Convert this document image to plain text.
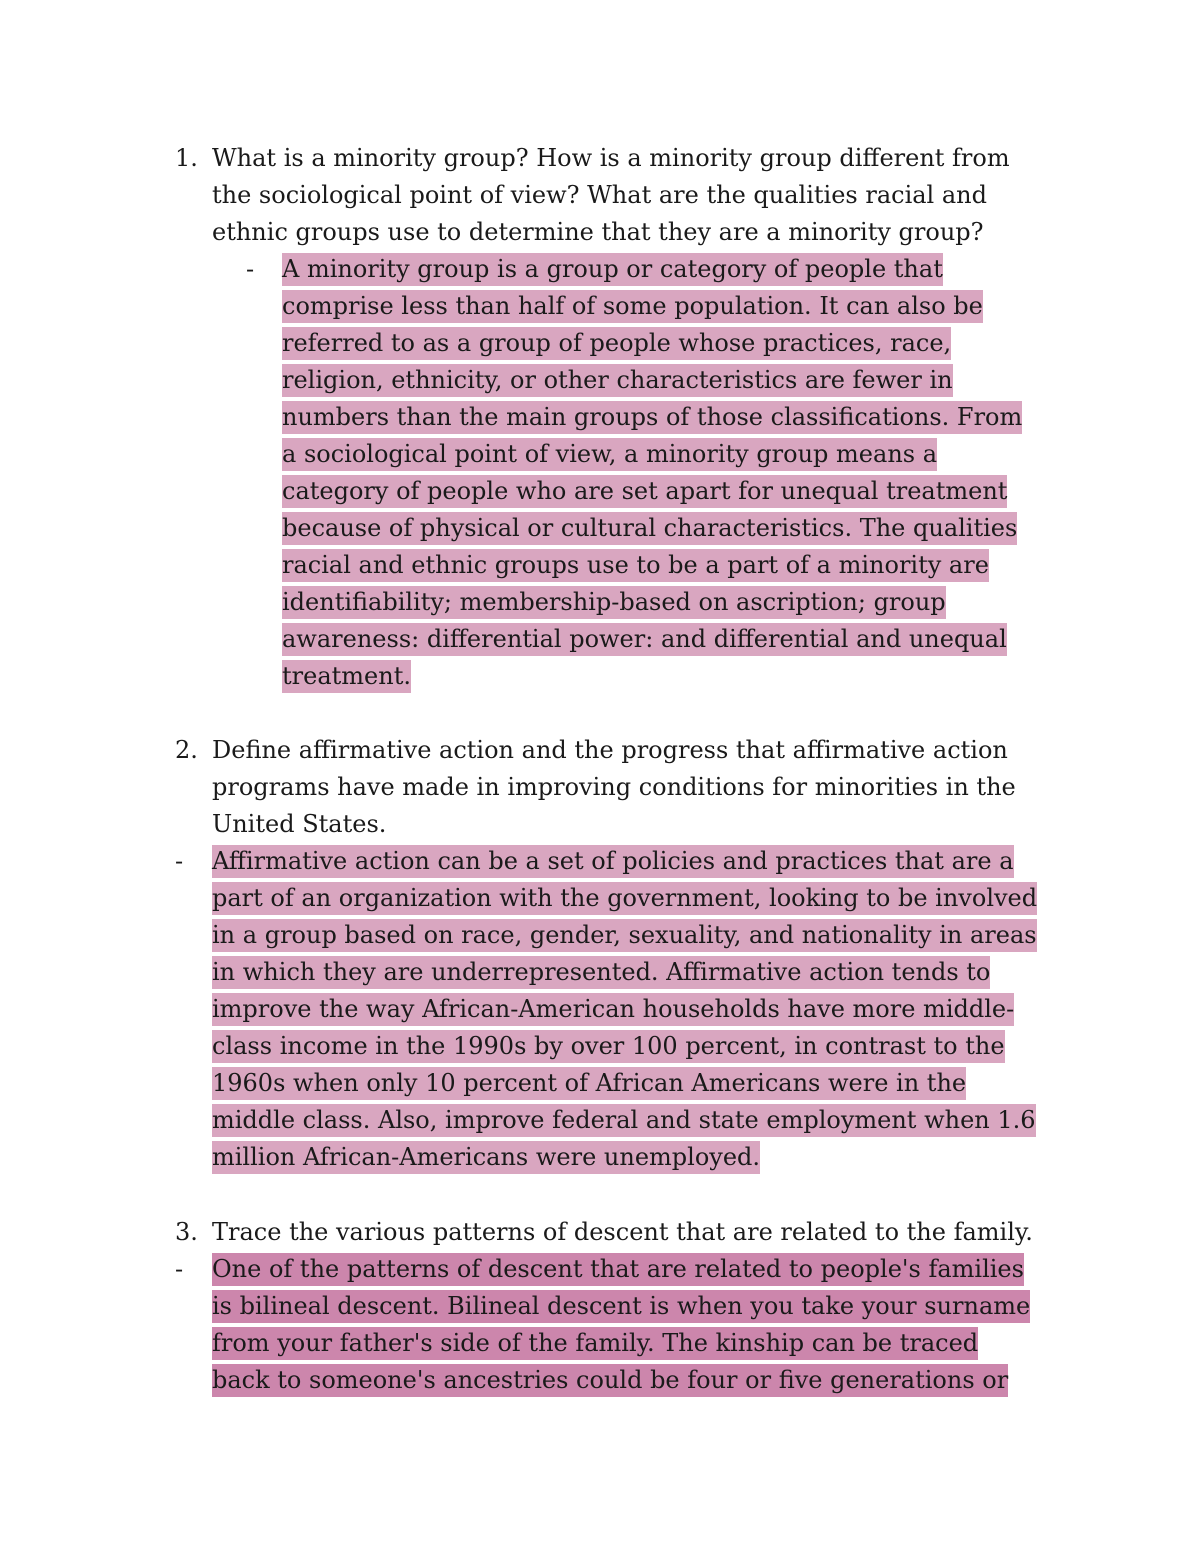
1. What is a minority group? How is a minority group different from
the sociological point of view? What are the qualities racial and
ethnic groups use to determine that they are a minority group?
- A minority group is a group or category of people that
comprise less than half of some population. It can also be
referred to as a group of people whose practices, race,
religion, ethnicity, or other characteristics are fewer in
numbers than the main groups of those classifications. From
a sociological point of view, a minority group means a
category of people who are set apart for unequal treatment
because of physical or cultural characteristics. The qualities
racial and ethnic groups use to be a part of a minority are
identifiability; membership-based on ascription; group
awareness: differential power: and differential and unequal
treatment.
2. Define affirmative action and the progress that affirmative action
programs have made in improving conditions for minorities in the
United States.
- Affirmative action can be a set of policies and practices that are a
part of an organization with the government, looking to be involved
in a group based on race, gender, sexuality, and nationality in areas
in which they are underrepresented. Affirmative action tends to
improve the way African-American households have more middle-
class income in the 1990s by over 100 percent, in contrast to the
1960s when only 10 percent of African Americans were in the
middle class. Also, improve federal and state employment when 1.6
million African-Americans were unemployed.
3. Trace the various patterns of descent that are related to the family.
- One of the patterns of descent that are related to people's families
is bilineal descent. Bilineal descent is when you take your surname
from your father's side of the family. The kinship can be traced
back to someone's ancestries could be four or five generations or
